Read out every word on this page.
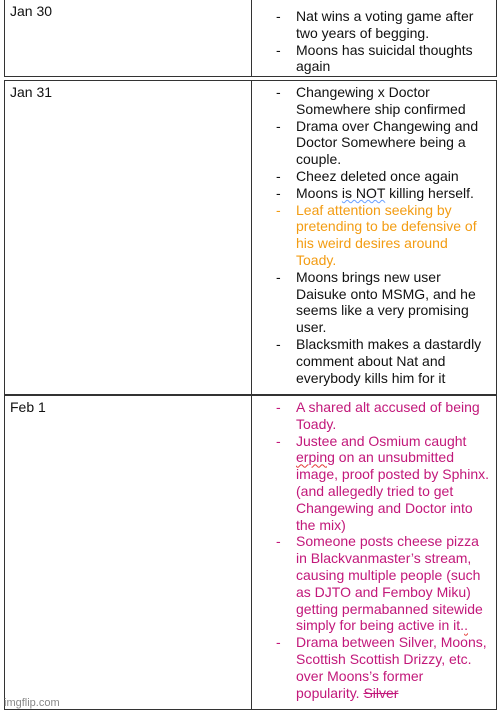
Jan 30	- Nat wins a voting game after two years of begging.
- Moons has suicidal thoughts again
Jan 31	- Changewing x Doctor Somewhere ship confirmed
- Drama over Changewing and Doctor Somewhere being a couple.
- Cheez deleted once again
- Moons is NOT killing herself.
- Leaf attention seeking by pretending to be defensive of his weird desires around Toady.
- Moons brings new user Daisuke onto MSMG, and he seems like a very promising user.
- Blacksmith makes a dastardly comment about Nat and everybody kills him for it
Feb 1	- A shared alt accused of being Toady.
- Justee and Osmium caught erping on an unsubmitted image, proof posted by Sphinx. (and allegedly tried to get Changewing and Doctor into the mix)
- Someone posts cheese pizza in Blackvanmaster’s stream, causing multiple people (such as DJTO and Femboy Miku) getting permabanned sitewide simply for being active in it..
- Drama between Silver, Moons, Scottish Scottish Drizzy, etc. over Moons’s former popularity. Silver
imgflip.com
